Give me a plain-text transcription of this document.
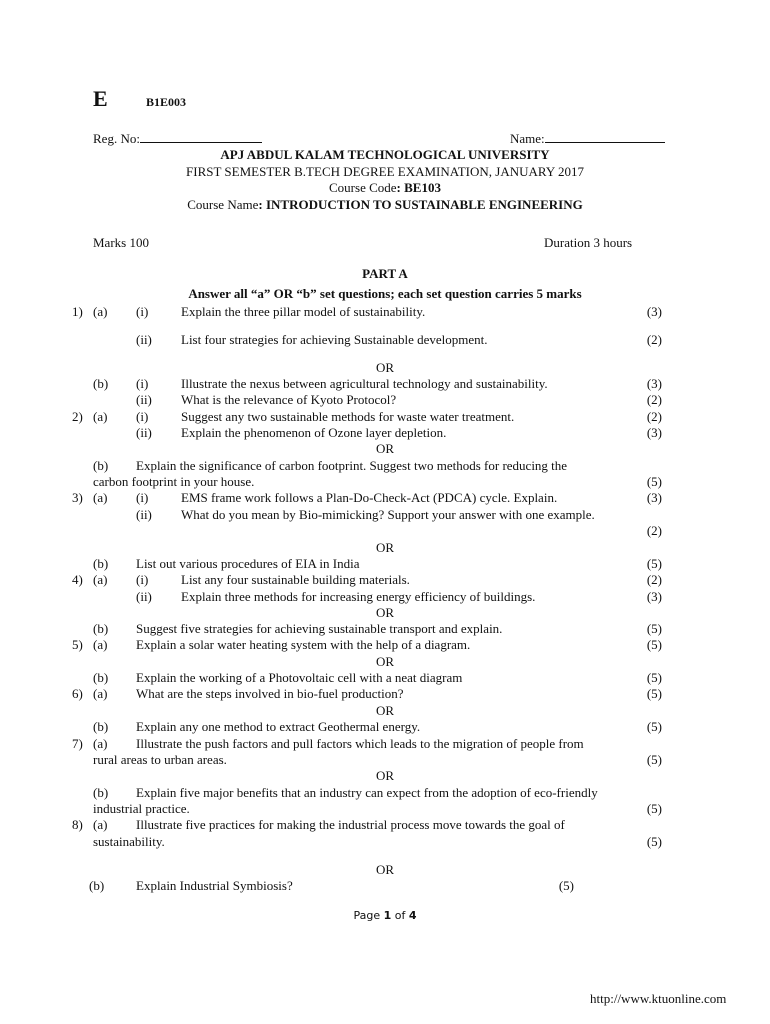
E	B1E003
Reg. No:	Name:
APJ ABDUL KALAM TECHNOLOGICAL UNIVERSITY
FIRST SEMESTER B.TECH DEGREE EXAMINATION, JANUARY 2017
Course Code: BE103
Course Name: INTRODUCTION TO SUSTAINABLE ENGINEERING
Marks 100	Duration 3 hours
PART A
Answer all “a” OR “b” set questions; each set question carries 5 marks
1) (a) (i)	Explain the three pillar model of sustainability.	(3)
(ii) List four strategies for achieving Sustainable development.	(2)
(b) (i)	Illustrate the nexus between agricultural technology and sustainability.	(3)
(ii) What is the relevance of Kyoto Protocol?	(2)
2) (a) (i)	Suggest any two sustainable methods for waste water treatment.	(2)
(ii) Explain the phenomenon of Ozone layer depletion.	(3)
(b) Explain the significance of carbon footprint. Suggest two methods for reducing the
carbon footprint in your house.	(5)
3) (a) (i)	EMS frame work follows a Plan-Do-Check-Act (PDCA) cycle. Explain.	(3)
(ii) What do you mean by Bio-mimicking? Support your answer with one example.
(2)
(b) List out various procedures of EIA in India	(5)
4) (a) (i)	List any four sustainable building materials.	(2)
(ii) Explain three methods for increasing energy efficiency of buildings.	(3)
(b) Suggest five strategies for achieving sustainable transport and explain.	(5)
5) (a) Explain a solar water heating system with the help of a diagram.	(5)
(b) Explain the working of a Photovoltaic cell with a neat diagram	(5)
6) (a) What are the steps involved in bio-fuel production?	(5)
(b) Explain any one method to extract Geothermal energy.	(5)
7) (a) Illustrate the push factors and pull factors which leads to the migration of people from
rural areas to urban areas.	(5)
(b) Explain five major benefits that an industry can expect from the adoption of eco-friendly
industrial practice.	(5)
8) (a) Illustrate five practices for making the industrial process move towards the goal of
sustainability.	(5)
(b) Explain Industrial Symbiosis?	(5)
OR
OR
OR
OR
OR
OR
OR
OR
Page 1 of 4
http://www.ktuonline.com
